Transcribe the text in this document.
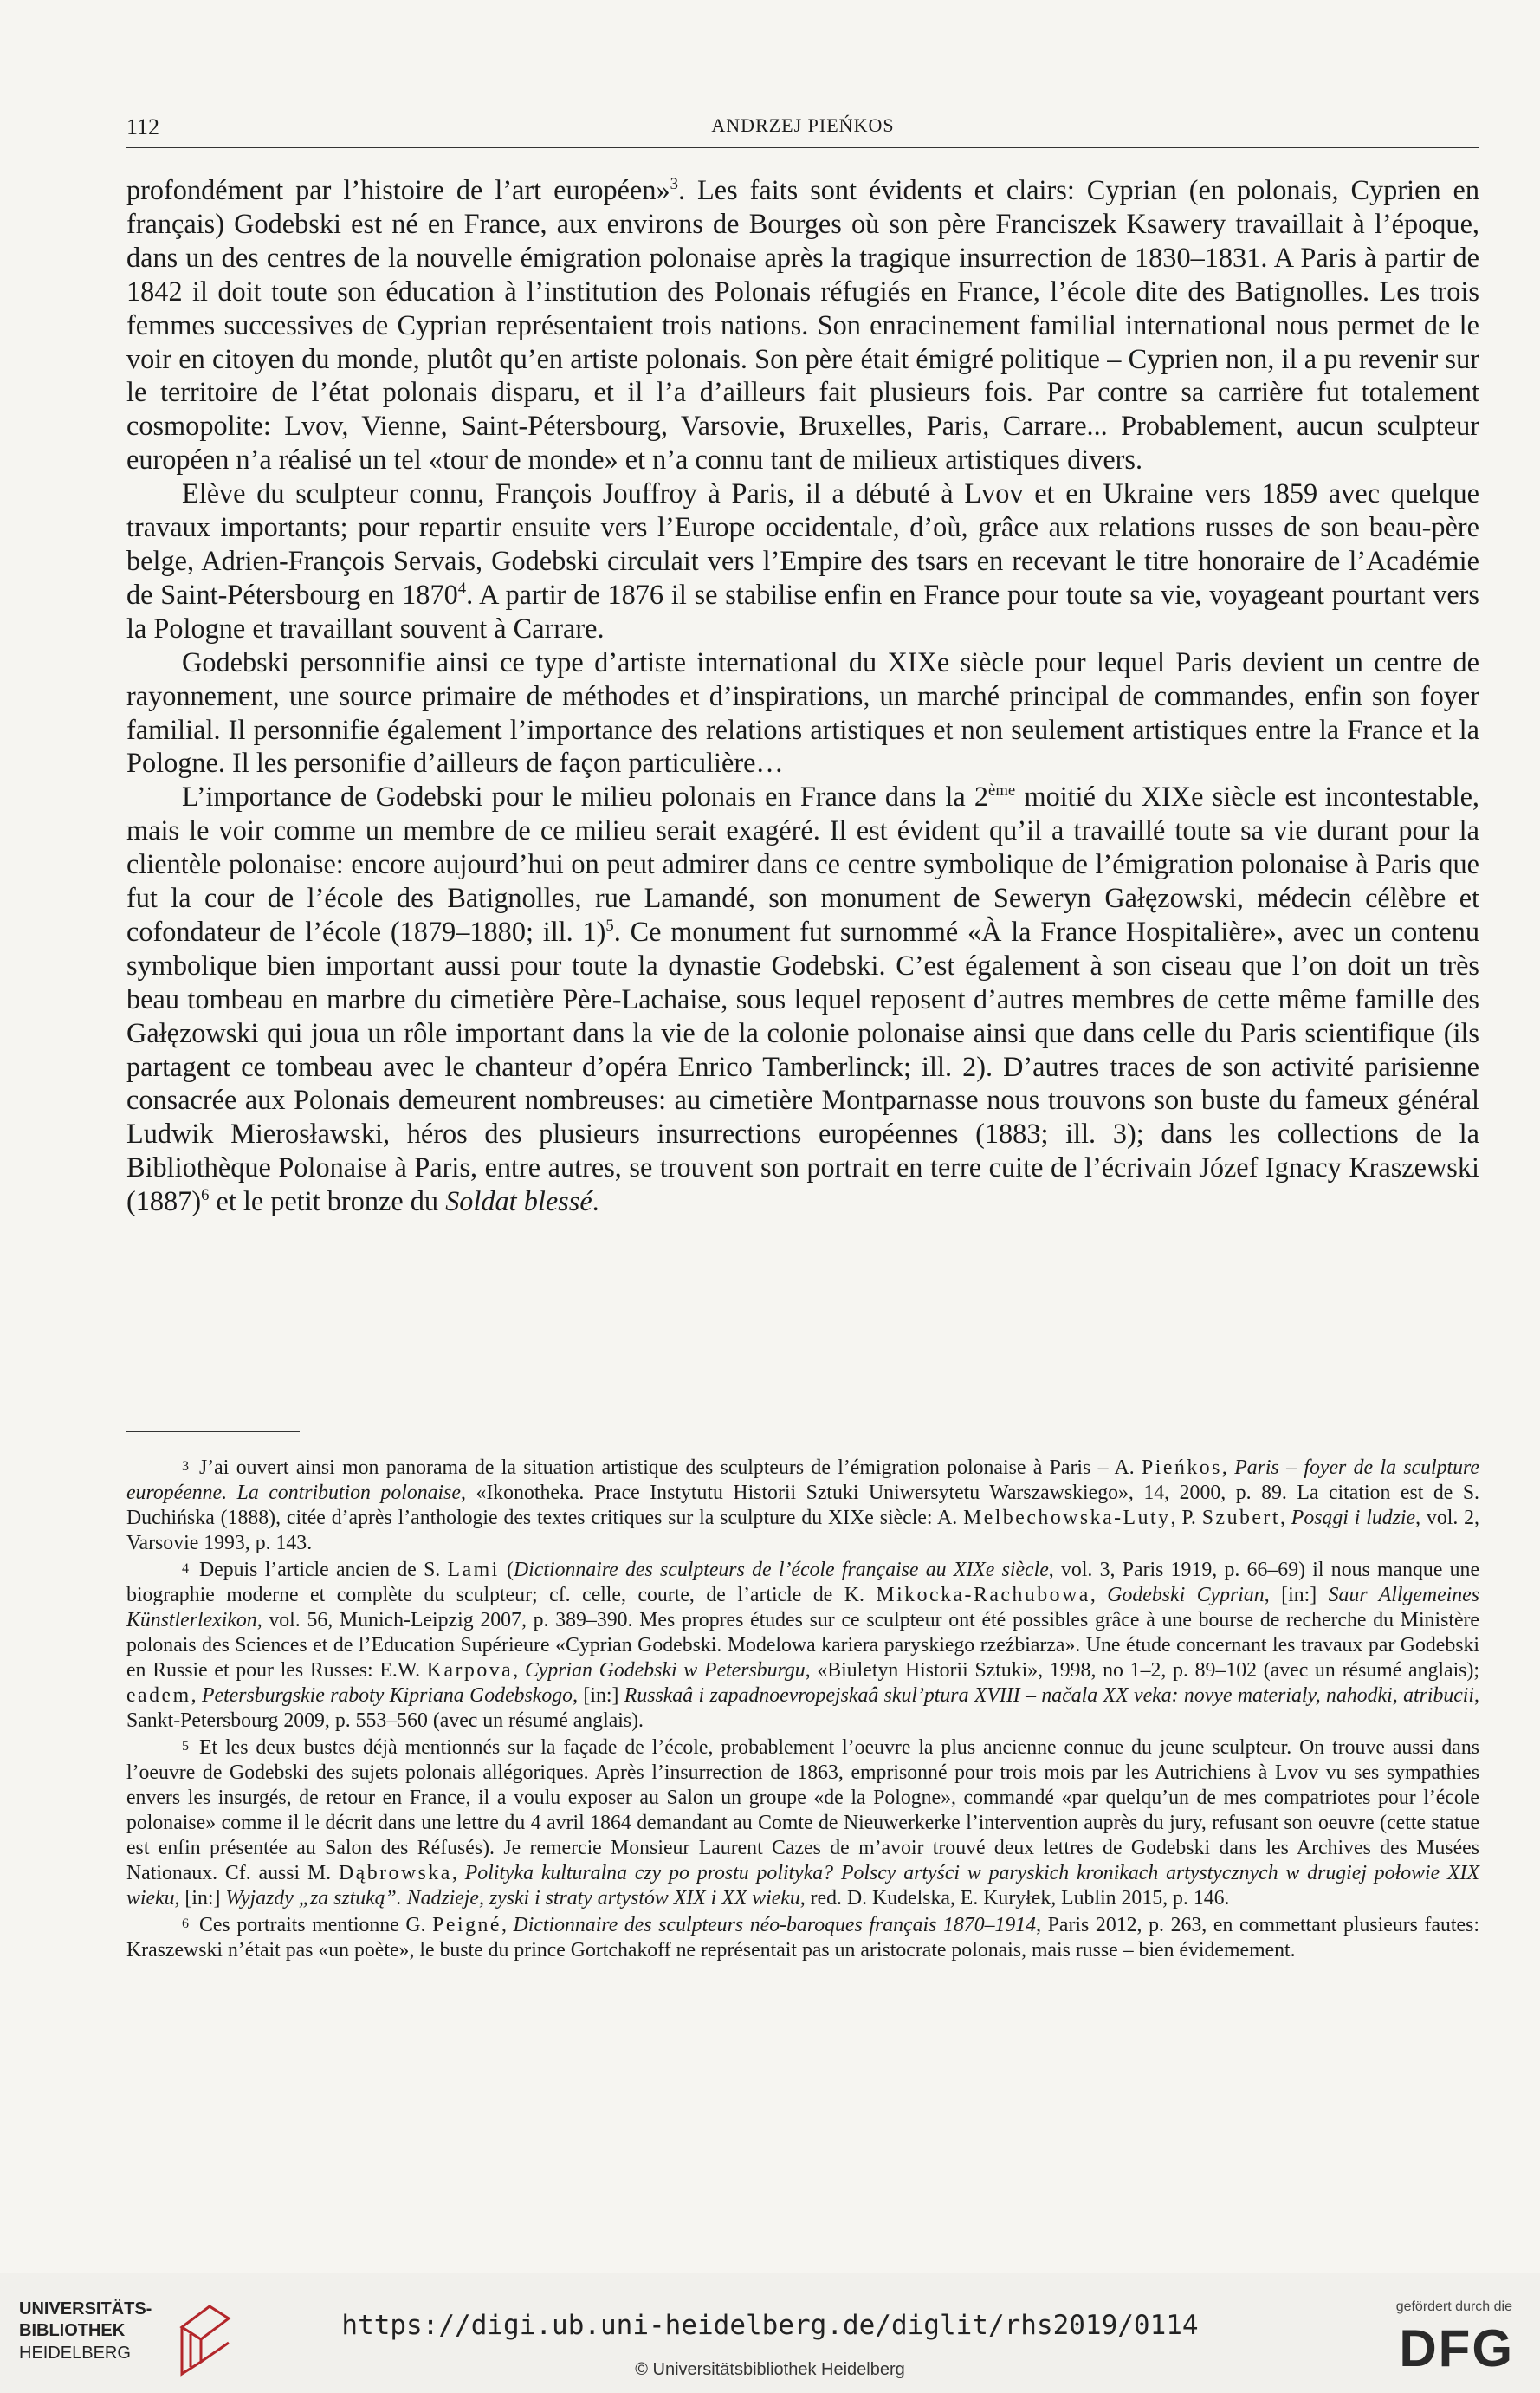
112	ANDRZEJ PIEŃKOS

profondément par l’histoire de l’art européen»$^3$. Les faits sont évidents et clairs: Cyprian (en polonais, Cyprien en français) Godebski est né en France, aux environs de Bourges où son père Franciszek Ksawery travaillait à l’époque, dans un des centres de la nouvelle émigration polonaise après la tragique insurrection de 1830–1831. A Paris à partir de 1842 il doit toute son éducation à l’institution des Polonais réfugiés en France, l’école dite des Batignolles. Les trois femmes successives de Cyprian représentaient trois nations. Son enracinement familial international nous permet de le voir en citoyen du monde, plutôt qu’en artiste polonais. Son père était émigré politique – Cyprien non, il a pu revenir sur le territoire de l’état polonais disparu, et il l’a d’ailleurs fait plusieurs fois. Par contre sa carrière fut totalement cosmopolite: Lvov, Vienne, Saint-Pétersbourg, Varsovie, Bruxelles, Paris, Carrare... Probablement, aucun sculpteur européen n’a réalisé un tel «tour de monde» et n’a connu tant de milieux artistiques divers.

Elève du sculpteur connu, François Jouffroy à Paris, il a débuté à Lvov et en Ukraine vers 1859 avec quelque travaux importants; pour repartir ensuite vers l’Europe occidentale, d’où, grâce aux relations russes de son beau-père belge, Adrien-François Servais, Godebski circulait vers l’Empire des tsars en recevant le titre honoraire de l’Académie de Saint-Pétersbourg en 1870$^4$. A partir de 1876 il se stabilise enfin en France pour toute sa vie, voyageant pourtant vers la Pologne et travaillant souvent à Carrare.

Godebski personnifie ainsi ce type d’artiste international du XIXe siècle pour lequel Paris devient un centre de rayonnement, une source primaire de méthodes et d’inspirations, un marché principal de commandes, enfin son foyer familial. Il personnifie également l’importance des relations artistiques et non seulement artistiques entre la France et la Pologne. Il les personifie d’ailleurs de façon particulière…

L’importance de Godebski pour le milieu polonais en France dans la 2ème moitié du XIXe siècle est incontestable, mais le voir comme un membre de ce milieu serait exagéré. Il est évident qu’il a travaillé toute sa vie durant pour la clientèle polonaise: encore aujourd’hui on peut admirer dans ce centre symbolique de l’émigration polonaise à Paris que fut la cour de l’école des Batignolles, rue Lamandé, son monument de Seweryn Gałęzowski, médecin célèbre et cofondateur de l’école (1879–1880; ill. 1)$^5$. Ce monument fut surnommé «À la France Hospitalière», avec un contenu symbolique bien important aussi pour toute la dynastie Godebski. C’est également à son ciseau que l’on doit un très beau tombeau en marbre du cimetière Père-Lachaise, sous lequel reposent d’autres membres de cette même famille des Gałęzowski qui joua un rôle important dans la vie de la colonie polonaise ainsi que dans celle du Paris scientifique (ils partagent ce tombeau avec le chanteur d’opéra Enrico Tamberlinck; ill. 2). D’autres traces de son activité parisienne consacrée aux Polonais demeurent nombreuses: au cimetière Montparnasse nous trouvons son buste du fameux général Ludwik Mierosławski, héros des plusieurs insurrections européennes (1883; ill. 3); dans les collections de la Bibliothèque Polonaise à Paris, entre autres, se trouvent son portrait en terre cuite de l’écrivain Józef Ignacy Kraszewski $(1887)^6$ et le petit bronze du Soldat blessé.

3 J’ai ouvert ainsi mon panorama de la situation artistique des sculpteurs de l’émigration polonaise à Paris – A. Pieńkos, Paris – foyer de la sculpture européenne. La contribution polonaise, «Ikonotheka. Prace Instytutu Historii Sztuki Uniwersytetu Warszawskiego», 14, 2000, p. 89. La citation est de S. Duchińska (1888), citée d’après l’anthologie des textes critiques sur la sculpture du XIXe siècle: A. Melbechowska-Luty, P. Szubert, Posągi i ludzie, vol. 2, Varsovie 1993, p. 143.

4 Depuis l’article ancien de S. Lami (Dictionnaire des sculpteurs de l’école française au XIXe siècle, vol. 3, Paris 1919, p. 66–69) il nous manque une biographie moderne et complète du sculpteur; cf. celle, courte, de l’article de K. Mikocka-Rachubowa, Godebski Cyprian, [in:] Saur Allgemeines Künstlerlexikon, vol. 56, Munich-Leipzig 2007, p. 389–390. Mes propres études sur ce sculpteur ont été possibles grâce à une bourse de recherche du Ministère polonais des Sciences et de l’Education Supérieure «Cyprian Godebski. Modelowa kariera paryskiego rzeźbiarza». Une étude concernant les travaux par Godebski en Russie et pour les Russes: E.W. Karpova, Cyprian Godebski w Petersburgu, «Biuletyn Historii Sztuki», 1998, no 1–2, p. 89–102 (avec un résumé anglais); eadem, Petersburgskie raboty Kipriana Godebskogo, [in:] Russkaâ i zapadnoevropejskaâ skul’ptura XVIII – načala XX veka: novye materialy, nahodki, atribucii, Sankt-Petersbourg 2009, p. 553–560 (avec un résumé anglais).

5 Et les deux bustes déjà mentionnés sur la façade de l’école, probablement l’oeuvre la plus ancienne connue du jeune sculpteur. On trouve aussi dans l’oeuvre de Godebski des sujets polonais allégoriques. Après l’insurrection de 1863, emprisonné pour trois mois par les Autrichiens à Lvov vu ses sympathies envers les insurgés, de retour en France, il a voulu exposer au Salon un groupe «de la Pologne», commandé «par quelqu’un de mes compatriotes pour l’école polonaise» comme il le décrit dans une lettre du 4 avril 1864 demandant au Comte de Nieuwerkerke l’intervention auprès du jury, refusant son oeuvre (cette statue est enfin présentée au Salon des Réfusés). Je remercie Monsieur Laurent Cazes de m’avoir trouvé deux lettres de Godebski dans les Archives des Musées Nationaux. Cf. aussi M. Dąbrowska, Polityka kulturalna czy po prostu polityka? Polscy artyści w paryskich kronikach artystycznych w drugiej połowie XIX wieku, [in:] Wyjazdy „za sztuką”. Nadzieje, zyski i straty artystów XIX i XX wieku, red. D. Kudelska, E. Kuryłek, Lublin 2015, p. 146.

6 Ces portraits mentionne G. Peigné, Dictionnaire des sculpteurs néo-baroques français 1870–1914, Paris 2012, p. 263, en commettant plusieurs fautes: Kraszewski n’était pas «un poète», le buste du prince Gortchakoff ne représentait pas un aristocrate polonais, mais russe – bien évidemement.

UNIVERSITÄTS-
BIBLIOTHEK
HEIDELBERG
https://digi.ub.uni-heidelberg.de/diglit/rhs2019/0114
© Universitätsbibliothek Heidelberg
gefördert durch die
DFG
